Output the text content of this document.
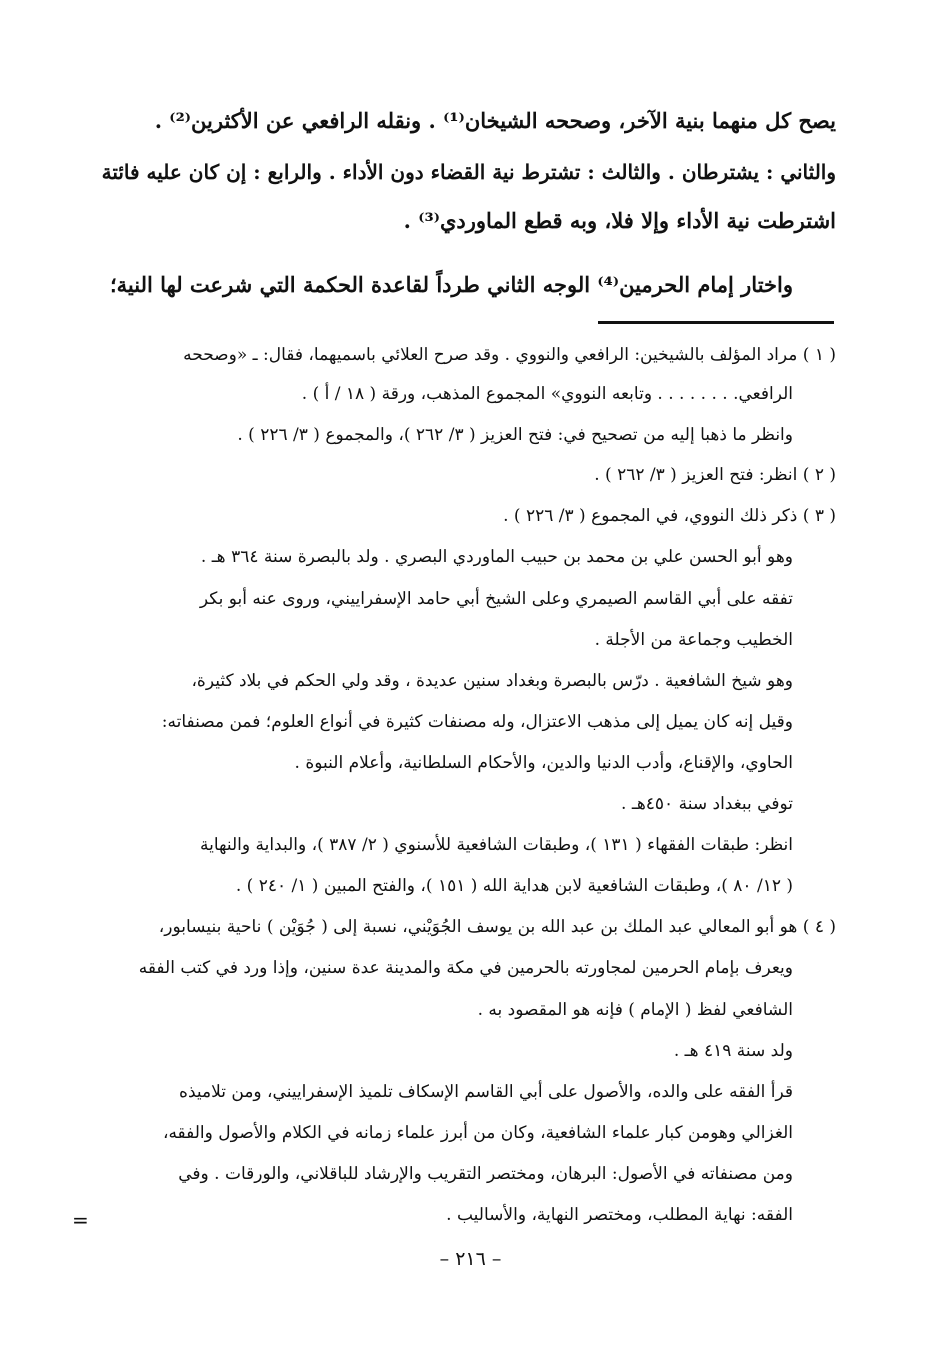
يصح كل منهما بنية الآخر، وصححه الشيخان⁽¹⁾ . ونقله الرافعي عن الأكثرين⁽²⁾ .

والثاني : يشترطان . والثالث : تشترط نية القضاء دون الأداء . والرابع : إن كان عليه فائتة

اشترطت نية الأداء وإلا فلا، وبه قطع الماوردي⁽³⁾ .

واختار إمام الحرمين⁽⁴⁾ الوجه الثاني طرداً لقاعدة الحكمة التي شرعت لها النية؛

( ١ ) مراد المؤلف بالشيخين: الرافعي والنووي . وقد صرح العلائي باسميهما، فقال: ـ «وصححه

الرافعي. . . . . . . . وتابعه النووي» المجموع المذهب، ورقة ( ١٨ / أ ) .

وانظر ما ذهبا إليه من تصحيح في: فتح العزيز ( ٣/ ٢٦٢ )، والمجموع ( ٣/ ٢٢٦ ) .

( ٢ ) انظر: فتح العزيز ( ٣/ ٢٦٢ ) .

( ٣ ) ذكر ذلك النووي، في المجموع ( ٣/ ٢٢٦ ) .

وهو أبو الحسن علي بن محمد بن حبيب الماوردي البصري . ولد بالبصرة سنة ٣٦٤ هـ .

تفقه على أبي القاسم الصيمري وعلى الشيخ أبي حامد الإسفراييني، وروى عنه أبو بكر

الخطيب وجماعة من الأجلة .

وهو شيخ الشافعية . درّس بالبصرة وبغداد سنين عديدة ، وقد ولي الحكم في بلاد كثيرة،

وقيل إنه كان يميل إلى مذهب الاعتزال، وله مصنفات كثيرة في أنواع العلوم؛ فمن مصنفاته:

الحاوي، والإقناع، وأدب الدنيا والدين، والأحكام السلطانية، وأعلام النبوة .

توفي ببغداد سنة ٤٥٠هـ .

انظر: طبقات الفقهاء ( ١٣١ )، وطبقات الشافعية للأسنوي ( ٢/ ٣٨٧ )، والبداية والنهاية

( ١٢/ ٨٠ )، وطبقات الشافعية لابن هداية الله ( ١٥١ )، والفتح المبين ( ١/ ٢٤٠ ) .

( ٤ ) هو أبو المعالي عبد الملك بن عبد الله بن يوسف الجُوَيْني، نسبة إلى ( جُوَيْن ) ناحية بنيسابور،

ويعرف بإمام الحرمين لمجاورته بالحرمين في مكة والمدينة عدة سنين، وإذا ورد في كتب الفقه

الشافعي لفظ ( الإمام ) فإنه هو المقصود به .

ولد سنة ٤١٩ هـ .

قرأ الفقه على والده، والأصول على أبي القاسم الإسكاف تلميذ الإسفراييني، ومن تلاميذه

الغزالي وهومن كبار علماء الشافعية، وكان من أبرز علماء زمانه في الكلام والأصول والفقه،

ومن مصنفاته في الأصول: البرهان، ومختصر التقريب والإرشاد للباقلاني، والورقات . وفي

الفقه: نهاية المطلب، ومختصر النهاية، والأساليب .

=
– ٢١٦ –
